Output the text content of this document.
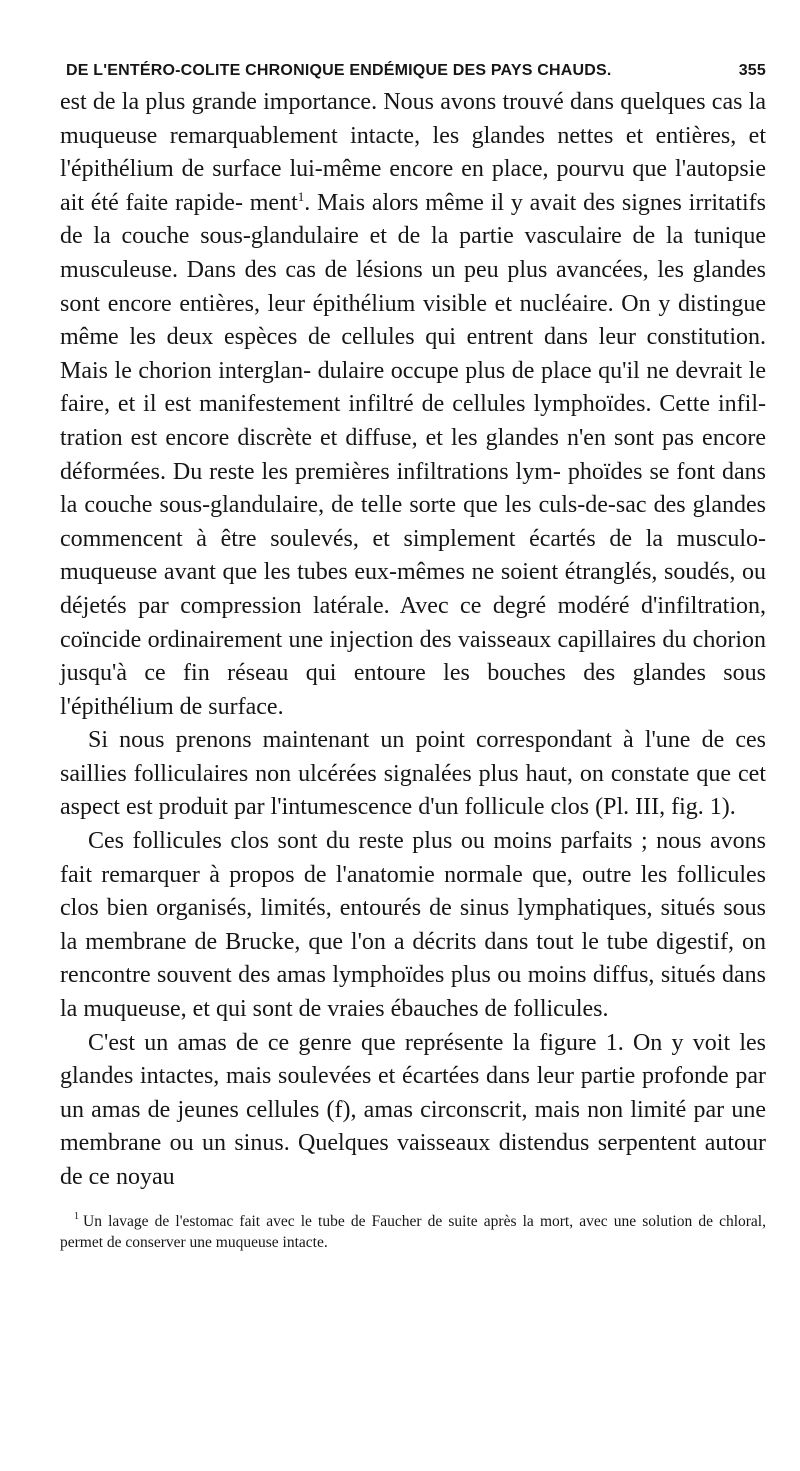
DE L'ENTÉRO-COLITE CHRONIQUE ENDÉMIQUE DES PAYS CHAUDS.	355

est de la plus grande importance. Nous avons trouvé dans quelques cas la muqueuse remarquablement intacte, les glandes nettes et entières, et l'épithélium de surface lui-même encore en place, pourvu que l'autopsie ait été faite rapide- ment$^1$. Mais alors même il y avait des signes irritatifs de la couche sous-glandulaire et de la partie vasculaire de la tunique musculeuse. Dans des cas de lésions un peu plus avancées, les glandes sont encore entières, leur épithélium visible et nucléaire. On y distingue même les deux espèces de cellules qui entrent dans leur constitution. Mais le chorion interglan- dulaire occupe plus de place qu'il ne devrait le faire, et il est manifestement infiltré de cellules lymphoïdes. Cette infil- tration est encore discrète et diffuse, et les glandes n'en sont pas encore déformées. Du reste les premières infiltrations lym- phoïdes se font dans la couche sous-glandulaire, de telle sorte que les culs-de-sac des glandes commencent à être soulevés, et simplement écartés de la musculo-muqueuse avant que les tubes eux-mêmes ne soient étranglés, soudés, ou déjetés par compression latérale. Avec ce degré modéré d'infiltration, coïncide ordinairement une injection des vaisseaux capillaires du chorion jusqu'à ce fin réseau qui entoure les bouches des glandes sous l'épithélium de surface.

Si nous prenons maintenant un point correspondant à l'une de ces saillies folliculaires non ulcérées signalées plus haut, on constate que cet aspect est produit par l'intumescence d'un follicule clos (Pl. III, fig. 1).

Ces follicules clos sont du reste plus ou moins parfaits ; nous avons fait remarquer à propos de l'anatomie normale que, outre les follicules clos bien organisés, limités, entourés de sinus lymphatiques, situés sous la membrane de Brucke, que l'on a décrits dans tout le tube digestif, on rencontre souvent des amas lymphoïdes plus ou moins diffus, situés dans la muqueuse, et qui sont de vraies ébauches de follicules.

C'est un amas de ce genre que représente la figure 1. On y voit les glandes intactes, mais soulevées et écartées dans leur partie profonde par un amas de jeunes cellules (f), amas circonscrit, mais non limité par une membrane ou un sinus. Quelques vaisseaux distendus serpentent autour de ce noyau

$^1$ Un lavage de l'estomac fait avec le tube de Faucher de suite après la mort, avec une solution de chloral, permet de conserver une muqueuse intacte.
